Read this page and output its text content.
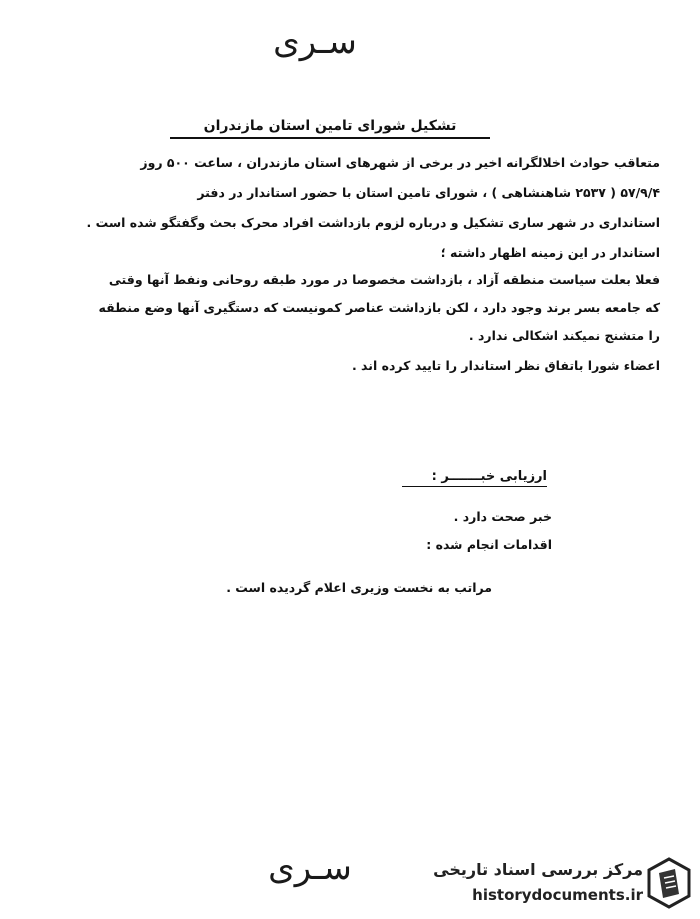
سـری
تشکیل شورای تامین استان مازندران

متعاقب حوادث اخلالگرانه اخیر در برخی از شهرهای استان مازندران ، ساعت ۵۰۰ روز

۵۷/۹/۴ ( ۲۵۳۷ شاهنشاهی ) ، شورای تامین استان با حضور استاندار در دفتر

استانداری در شهر ساری تشکیل و درباره لزوم بازداشت افراد محرک بحث وگفتگو شده است .

استاندار در این زمینه اظهار داشته ؛

فعلا بعلت سیاست منطقه آزاد ، بازداشت مخصوصا در مورد طبقه روحانی ونفط آنها وقتی

که جامعه بسر برند وجود دارد ، لکن بازداشت عناصر کمونیست که دستگیری آنها وضع منطقه

را متشنج نمیکند اشکالی ندارد .

اعضاء شورا باتفاق نظر استاندار را تایید کرده اند .

ارزیابی خبـــــــر :
خبر صحت دارد .
اقدامات انجام شده :
مراتب به نخست وزیری اعلام گردیده است .
سـری	مرکز بررسی اسناد تاریخی
historydocuments.ir
